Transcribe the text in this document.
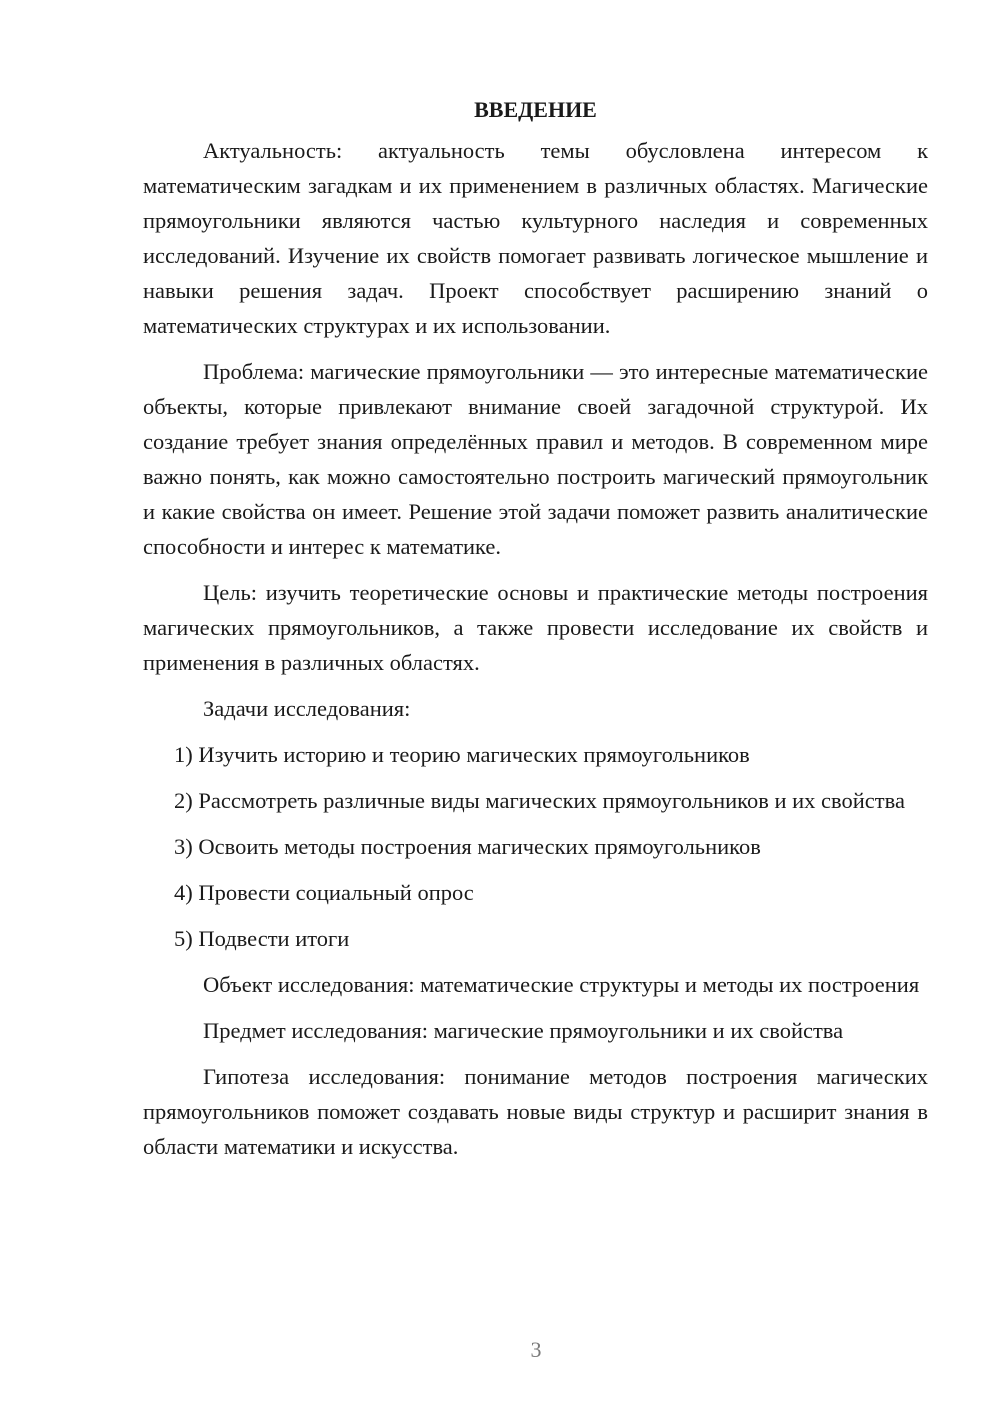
ВВЕДЕНИЕ

Актуальность: актуальность темы обусловлена интересом к математическим загадкам и их применением в различных областях. Магические прямоугольники являются частью культурного наследия и современных исследований. Изучение их свойств помогает развивать логическое мышление и навыки решения задач. Проект способствует расширению знаний о математических структурах и их использовании.

Проблема: магические прямоугольники — это интересные математические объекты, которые привлекают внимание своей загадочной структурой. Их создание требует знания определённых правил и методов. В современном мире важно понять, как можно самостоятельно построить магический прямоугольник и какие свойства он имеет. Решение этой задачи поможет развить аналитические способности и интерес к математике.

Цель: изучить теоретические основы и практические методы построения магических прямоугольников, а также провести исследование их свойств и применения в различных областях.

Задачи исследования:

1) Изучить историю и теорию магических прямоугольников

2) Рассмотреть различные виды магических прямоугольников и их свойства

3) Освоить методы построения магических прямоугольников

4) Провести социальный опрос

5) Подвести итоги

Объект исследования: математические структуры и методы их построения

Предмет исследования: магические прямоугольники и их свойства

Гипотеза исследования: понимание методов построения магических прямоугольников поможет создавать новые виды структур и расширит знания в области математики и искусства.

3
